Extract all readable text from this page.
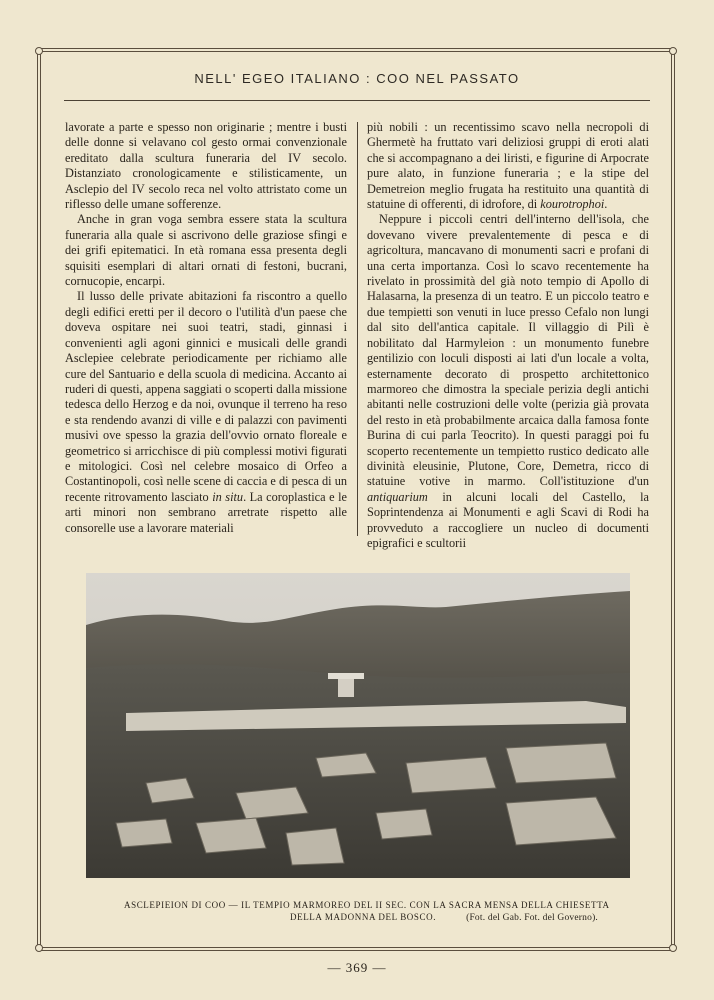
NELL' EGEO ITALIANO : COO NEL PASSATO

lavorate a parte e spesso non originarie ; mentre i busti delle donne si velavano col gesto ormai convenzionale ereditato dalla scultura funeraria del IV secolo. Distanziato cronologicamente e stilisticamente, un Asclepio del IV secolo reca nel volto attristato come un riflesso delle umane sofferenze.

Anche in gran voga sembra essere stata la scultura funeraria alla quale si ascrivono delle graziose sfingi e dei grifi epitematici. In età romana essa presenta degli squisiti esemplari di altari ornati di festoni, bucrani, cornucopie, encarpi.

Il lusso delle private abitazioni fa riscontro a quello degli edifici eretti per il decoro o l'utilità d'un paese che doveva ospitare nei suoi teatri, stadi, ginnasi i convenienti agli agoni ginnici e musicali delle grandi Asclepiee celebrate periodicamente per richiamo alle cure del Santuario e della scuola di medicina. Accanto ai ruderi di questi, appena saggiati o scoperti dalla missione tedesca dello Herzog e da noi, ovunque il terreno ha reso e sta rendendo avanzi di ville e di palazzi con pavimenti musivi ove spesso la grazia dell'ovvio ornato floreale e geometrico si arricchisce di più complessi motivi figurati e mitologici. Così nel celebre mosaico di Orfeo a Costantinopoli, così nelle scene di caccia e di pesca di un recente ritrovamento lasciato in situ. La coroplastica e le arti minori non sembrano arretrate rispetto alle consorelle use a lavorare materiali

più nobili : un recentissimo scavo nella necropoli di Ghermetè ha fruttato vari deliziosi gruppi di eroti alati che si accompagnano a dei liristi, e figurine di Arpocrate pure alato, in funzione funeraria ; e la stipe del Demetreion meglio frugata ha restituito una quantità di statuine di offerenti, di idrofore, di kourotrophoi.

Neppure i piccoli centri dell'interno dell'isola, che dovevano vivere prevalentemente di pesca e di agricoltura, mancavano di monumenti sacri e profani di una certa importanza. Così lo scavo recentemente ha rivelato in prossimità del già noto tempio di Apollo di Halasarna, la presenza di un teatro. E un piccolo teatro e due tempietti son venuti in luce presso Cefalo non lungi dal sito dell'antica capitale. Il villaggio di Pilì è nobilitato dal Harmyleion : un monumento funebre gentilizio con loculi disposti ai lati d'un locale a volta, esternamente decorato di prospetto architettonico marmoreo che dimostra la speciale perizia degli antichi abitanti nelle costruzioni delle volte (perizia già provata del resto in età probabilmente arcaica dalla famosa fonte Burina di cui parla Teocrito). In questi paraggi poi fu scoperto recentemente un tempietto rustico dedicato alle divinità eleusinie, Plutone, Core, Demetra, ricco di statuine votive in marmo. Coll'istituzione d'un antiquarium in alcuni locali del Castello, la Soprintendenza ai Monumenti e agli Scavi di Rodi ha provveduto a raccogliere un nucleo di documenti epigrafici e scultorii

ASCLEPIEION DI COO — IL TEMPIO MARMOREO DEL II SEC. CON LA SACRA MENSA DELLA CHIESETTA
DELLA MADONNA DEL BOSCO.	(Fot. del Gab. Fot. del Governo).
— 369 —
